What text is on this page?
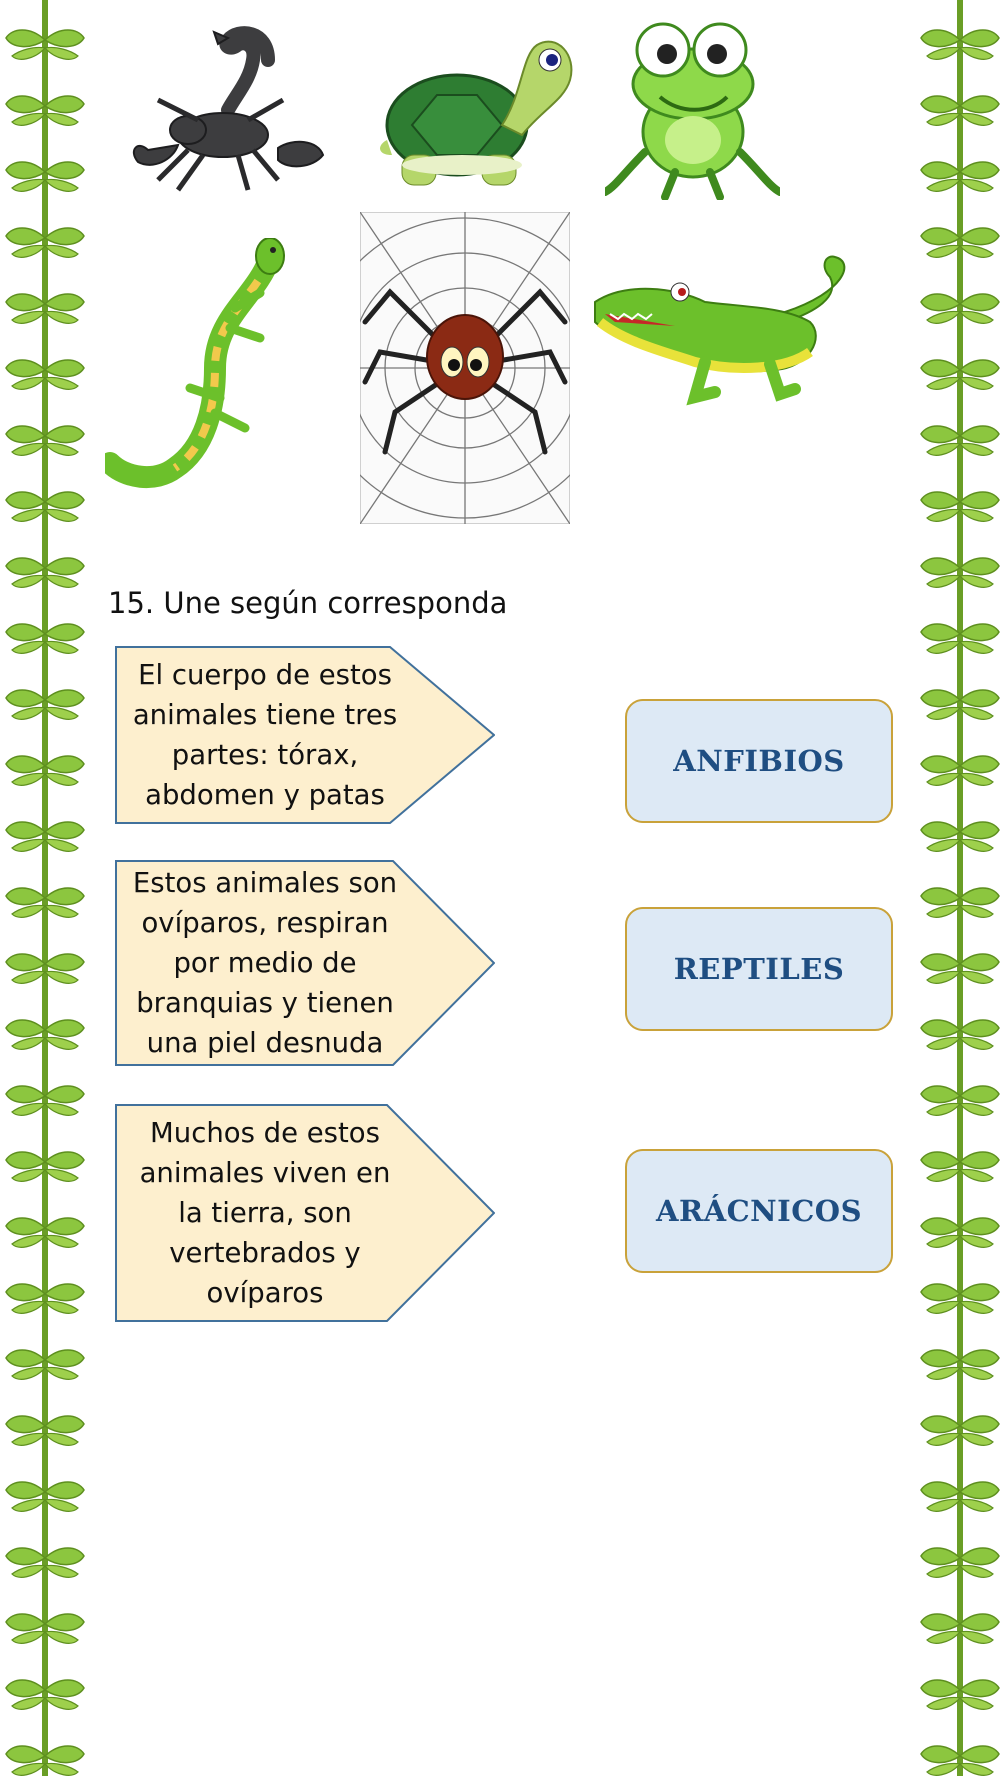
15. Une según corresponda
El cuerpo de estos animales tiene tres partes: tórax, abdomen y patas
Estos animales son ovíparos, respiran por medio de branquias y tienen una piel desnuda
Muchos de estos animales viven en la tierra, son vertebrados y ovíparos
ANFIBIOS
REPTILES
ARÁCNICOS
